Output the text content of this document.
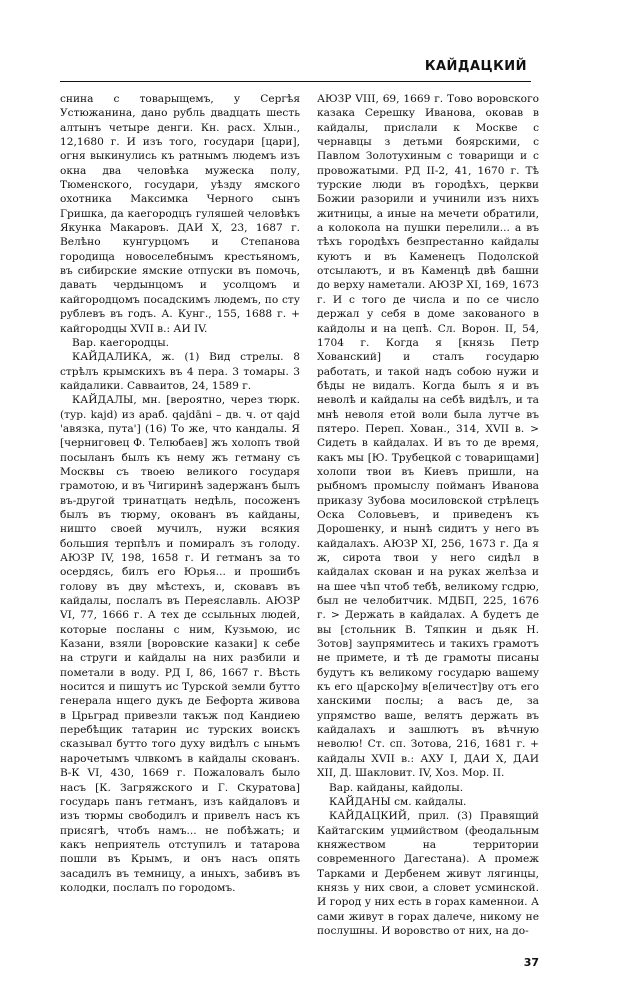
КАЙДАЦКИЙ

снина с товарыщемъ, у Сергѣя Устюжанина, дано рубль двадцать шесть алтынъ четыре денги. Кн. расх. Хлын., 12,1680 г. И изъ того, государи [цари], огня выкинулись къ ратнымъ людемъ изъ окна два человѣка мужеска полу, Тюменского, государи, уѣзду ямского охотника Максимка Черного сынъ Гришка, да каегородцъ гуляшей человѣкъ Якунка Макаровъ. ДАИ X, 23, 1687 г. Велѣно кунгурцомъ и Степанова городища новоселебнымъ крестьяномъ, въ сибирские ямские отпуски въ помочь, давать чердынцомъ и усолцомъ и кайгородцомъ посадскимъ людемъ, по сту рублевъ въ годъ. А. Кунг., 155, 1688 г. + кайгородцы XVII в.: АИ IV.

Вар. каегородцы.

КАЙДАЛИКА, ж. (1) Вид стрелы. 8 стрѣлъ крымскихъ въ 4 пера. 3 томары. 3 кайдалики. Савваитов, 24, 1589 г.

КАЙДАЛЫ, мн. [вероятно, через тюрк. (тур. kajd) из араб. qajdāni – дв. ч. от qajd 'авязка, пута'] (16) То же, что кандалы. Я [черниговец Ф. Телюбаев] жъ холопъ твой посыланъ былъ къ нему жъ гетману съ Москвы съ твоею великого государя грамотою, и въ Чигиринѣ задержанъ былъ въ-другой тринатцать недѣль, посоженъ былъ въ тюрму, окованъ въ кайданы, ништо своей мучилъ, нужи всякия большия терпѣлъ и помиралъ зъ голоду. АЮЗР IV, 198, 1658 г. И гетманъ за то осердясь, билъ его Юрья... и прошибъ голову въ дву мѣстехъ, и, сковавъ въ кайдалы, послалъ въ Переяславль. АЮЗР VI, 77, 1666 г. А тех де ссыльных людей, которые посланы с ним, Кузьмою, ис Казани, взяли [воровские казаки] к себе на струги и кайдалы на них разбили и пометали в воду. РД I, 86, 1667 г. Вѣсть носится и пишутъ ис Турской земли бутто генерала нщего дукъ де Бефорта живова в Црьград привезли такъж под Кандиею перебѣщик татарин ис турских воискъ сказывал бутто того духу видѣлъ с ыньмъ нарочетымъ члвкомъ в кайдалы скованъ. В-К VI, 430, 1669 г. Пожаловалъ было насъ [К. Загряжского и Г. Скуратова] государь панъ гетманъ, изъ кайдаловъ и изъ тюрмы свободилъ и привелъ насъ къ присягѣ, чтобъ намъ... не побѣжать; и какъ неприятель отступилъ и татарова пошли въ Крымъ, и онъ насъ опять засадилъ въ темницу, а иныхъ, забивъ въ колодки, послалъ по городомъ.

АЮЗР VIII, 69, 1669 г. Тово воровского казака Серешку Иванова, оковав в кайдалы, прислали к Москве с чернавцы з детьми боярскими, с Павлом Золотухиным с товарищи и с провожатыми. РД II-2, 41, 1670 г. Тѣ турские люди въ городѣхъ, церкви Божии разорили и учинили изъ нихъ житницы, а иные на мечети обратили, а колокола на пушки перелили... а въ тѣхъ городѣхъ безпрестанно кайдалы куютъ и въ Каменецъ Подолской отсылаютъ, и въ Каменцѣ двѣ башни до верху наметали. АЮЗР XI, 169, 1673 г. И с того де числа и по се число держал у себя в доме закованого в кайдолы и на цепѣ. Сл. Ворон. II, 54, 1704 г. Когда я [князь Петр Хованский] и сталъ государю работать, и такой надъ собою нужи и бѣды не видалъ. Когда былъ я и въ неволѣ и кайдалы на себѣ видѣлъ, и та мнѣ неволя етой воли была лутче въ пятеро. Переп. Хован., 314, XVII в. > Сидеть в кайдалах. И въ то де время, какъ мы [Ю. Трубецкой с товарищами] холопи твои въ Киевъ пришли, на рыбномъ промыслу пойманъ Иванова приказу Зубова мосиловской стрѣлецъ Оска Соловьевъ, и приведенъ къ Дорошенку, и нынѣ сидитъ у него въ кайдалахъ. АЮЗР XI, 256, 1673 г. Да я ж, сирота твои у него сидѣл в кайдалах скован и на руках желѣза и на шее чѣп чтоб тебѣ, великому гсдрю, был не челобитчик. МДБП, 225, 1676 г. > Держать в кайдалах. А будетъ де вы [стольник В. Тяпкин и дьяк Н. Зотов] заупрямитесь и такихъ грамотъ не примете, и тѣ де грамоты писаны будутъ къ великому государю вашему къ его ц[арско]му в[еличест]ву отъ его ханскими послы; а васъ де, за упрямство ваше, велятъ держать въ кайдалахъ и зашлютъ въ вѣчную неволю! Ст. сп. Зотова, 216, 1681 г. + кайдалы XVII в.: АХУ I, ДАИ X, ДАИ XII, Д. Шакловит. IV, Хоз. Мор. II.

Вар. кайданы, кайдолы.

КАЙДАНЫ см. кайдалы.

КАЙДАЦКИЙ, прил. (3) Правящий Кайтагским уцмийством (феодальным княжеством на территории современного Дагестана). А промеж Тарками и Дербенем живут лягинцы, князь у них свои, а словет усминской. И город у них есть в горах каменнои. А сами живут в горах далече, никому не послушны. И воровство от них, на до-

37
